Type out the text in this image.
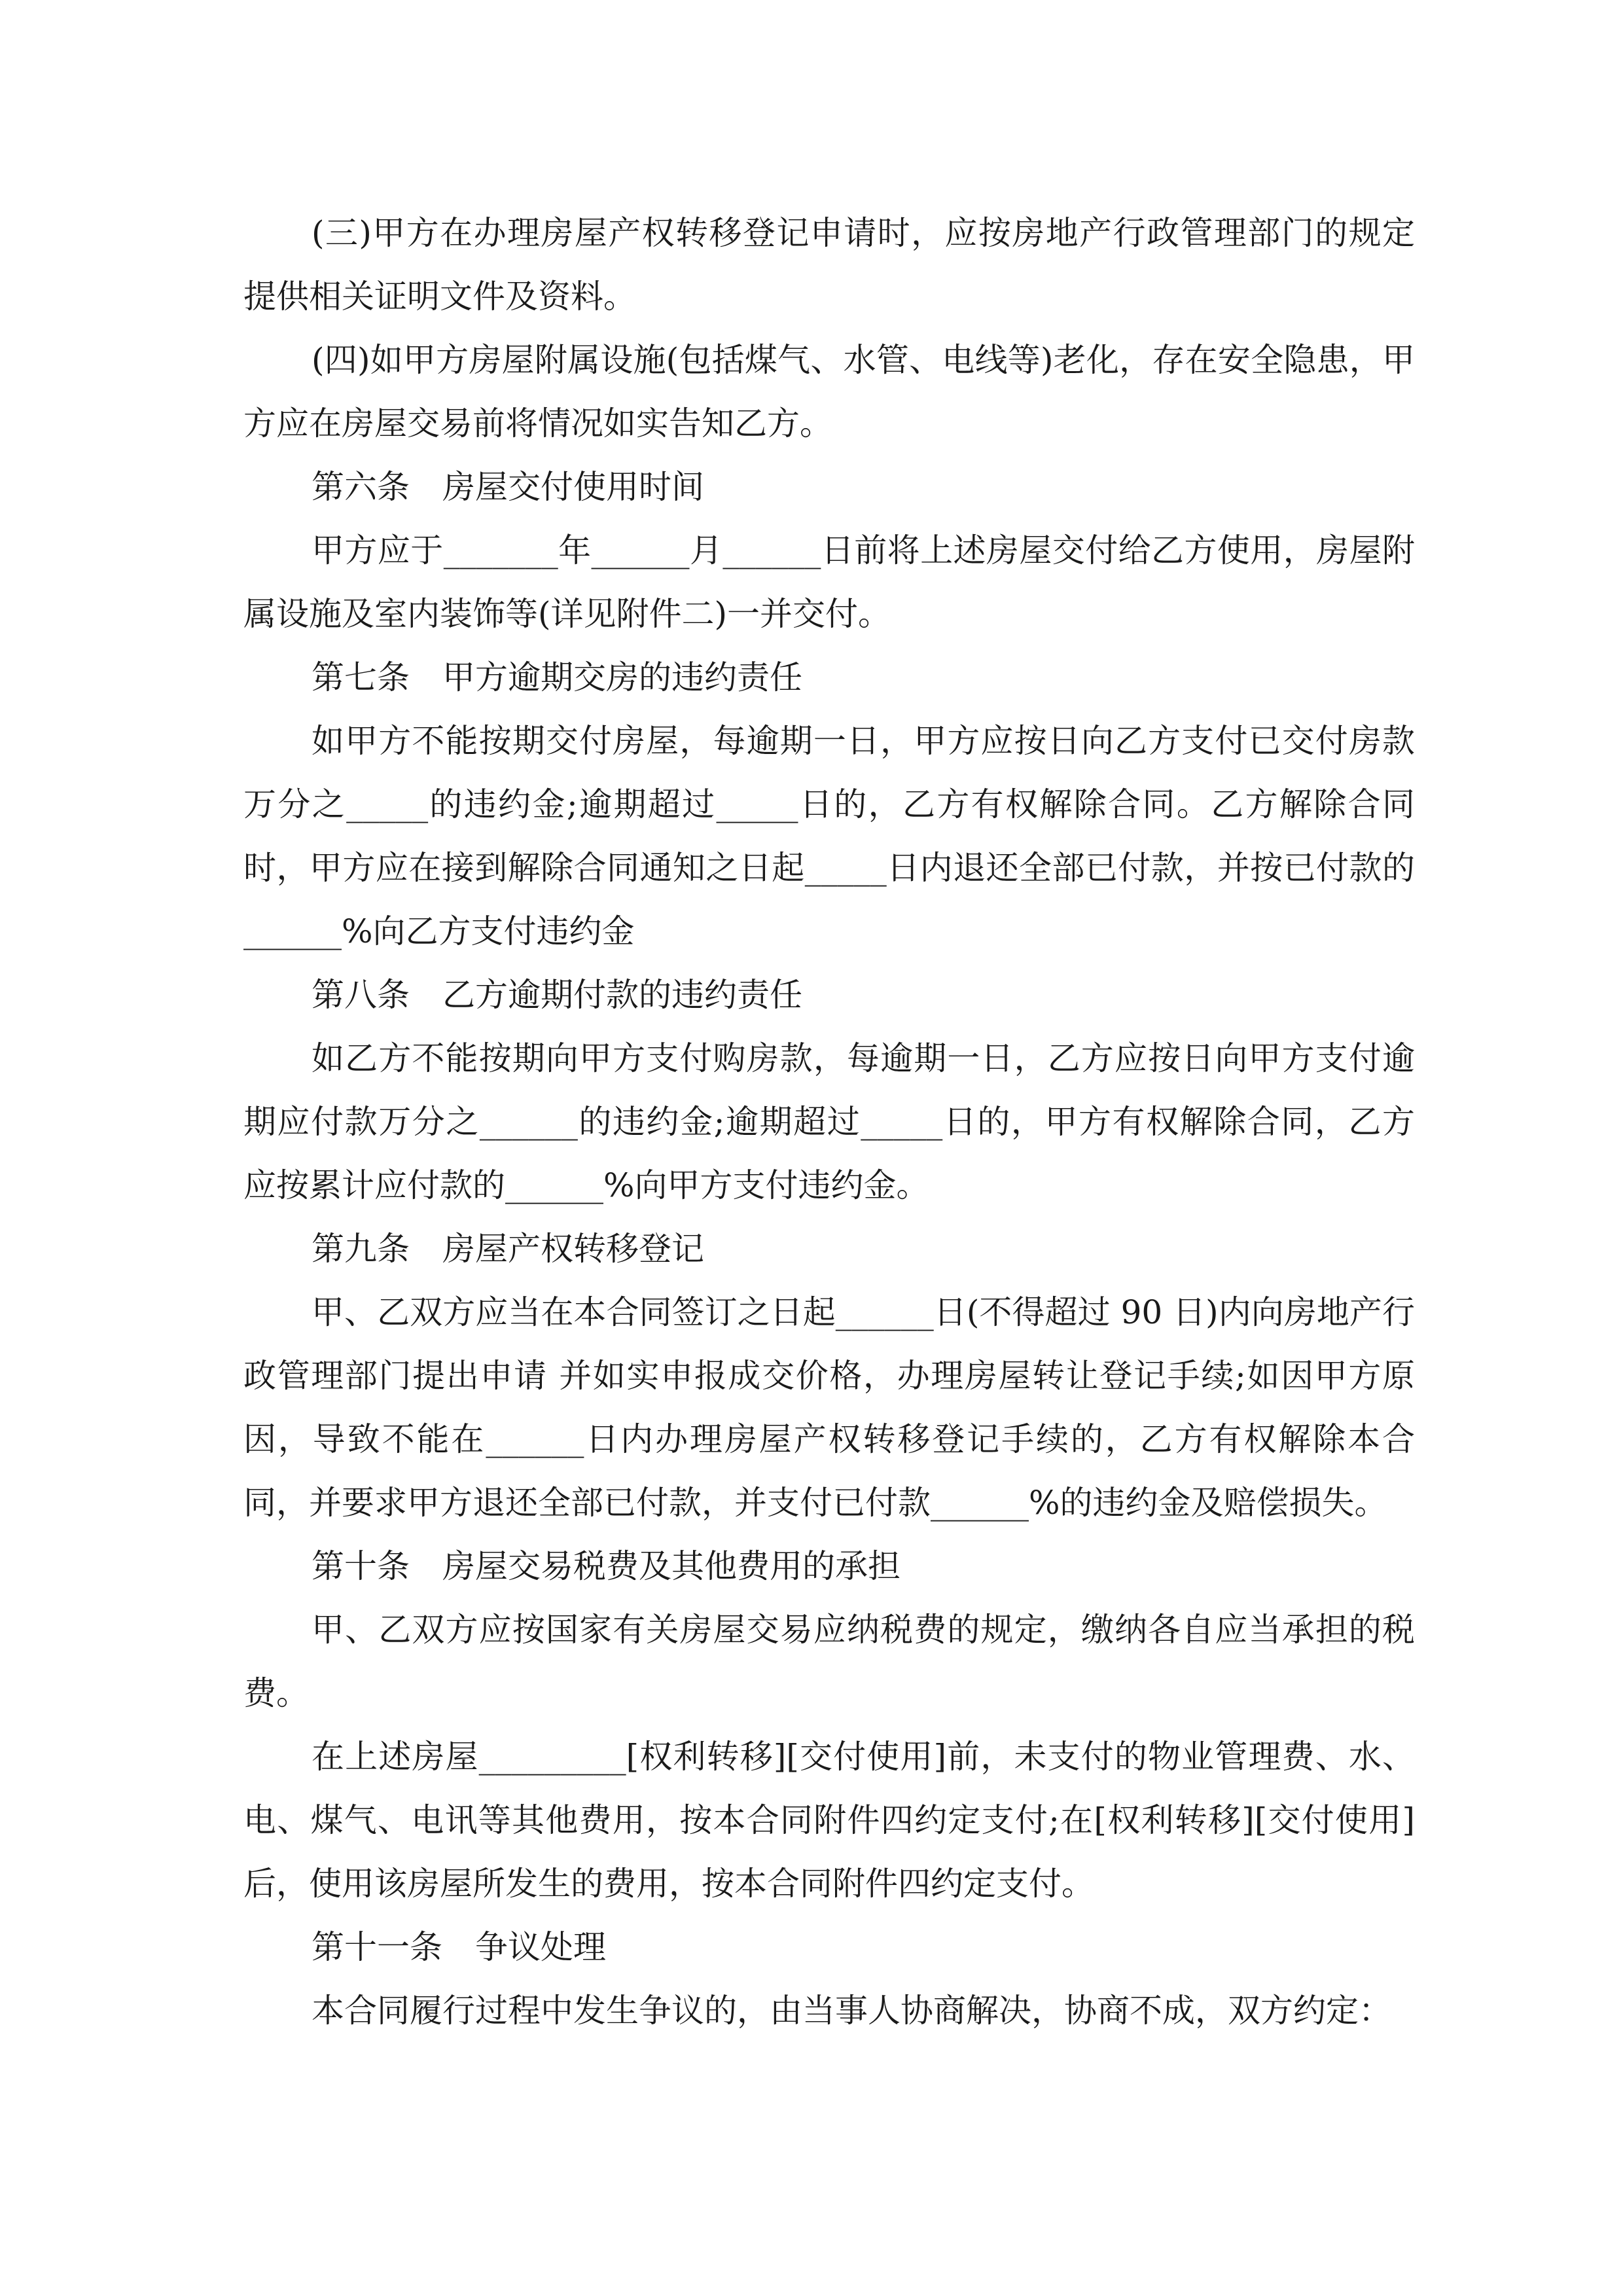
(三)甲方在办理房屋产权转移登记申请时，应按房地产行政管理部门的规定提供相关证明文件及资料。

(四)如甲方房屋附属设施(包括煤气、水管、电线等)老化，存在安全隐患，甲方应在房屋交易前将情况如实告知乙方。

第六条　房屋交付使用时间

甲方应于_______年______月______日前将上述房屋交付给乙方使用，房屋附属设施及室内装饰等(详见附件二)一并交付。

第七条　甲方逾期交房的违约责任

如甲方不能按期交付房屋，每逾期一日，甲方应按日向乙方支付已交付房款万分之_____的违约金;逾期超过_____日的，乙方有权解除合同。乙方解除合同时，甲方应在接到解除合同通知之日起_____日内退还全部已付款，并按已付款的______%向乙方支付违约金

第八条　乙方逾期付款的违约责任

如乙方不能按期向甲方支付购房款，每逾期一日，乙方应按日向甲方支付逾期应付款万分之______的违约金;逾期超过_____日的，甲方有权解除合同，乙方应按累计应付款的______%向甲方支付违约金。

第九条　房屋产权转移登记

甲、乙双方应当在本合同签订之日起______日(不得超过 90 日)内向房地产行政管理部门提出申请 并如实申报成交价格，办理房屋转让登记手续;如因甲方原因，导致不能在______日内办理房屋产权转移登记手续的，乙方有权解除本合同，并要求甲方退还全部已付款，并支付已付款______%的违约金及赔偿损失。

第十条　房屋交易税费及其他费用的承担

甲、乙双方应按国家有关房屋交易应纳税费的规定，缴纳各自应当承担的税费。

在上述房屋_________[权利转移][交付使用]前，未支付的物业管理费、水、电、煤气、电讯等其他费用，按本合同附件四约定支付;在[权利转移][交付使用]后，使用该房屋所发生的费用，按本合同附件四约定支付。

第十一条　争议处理

本合同履行过程中发生争议的，由当事人协商解决，协商不成，双方约定：
